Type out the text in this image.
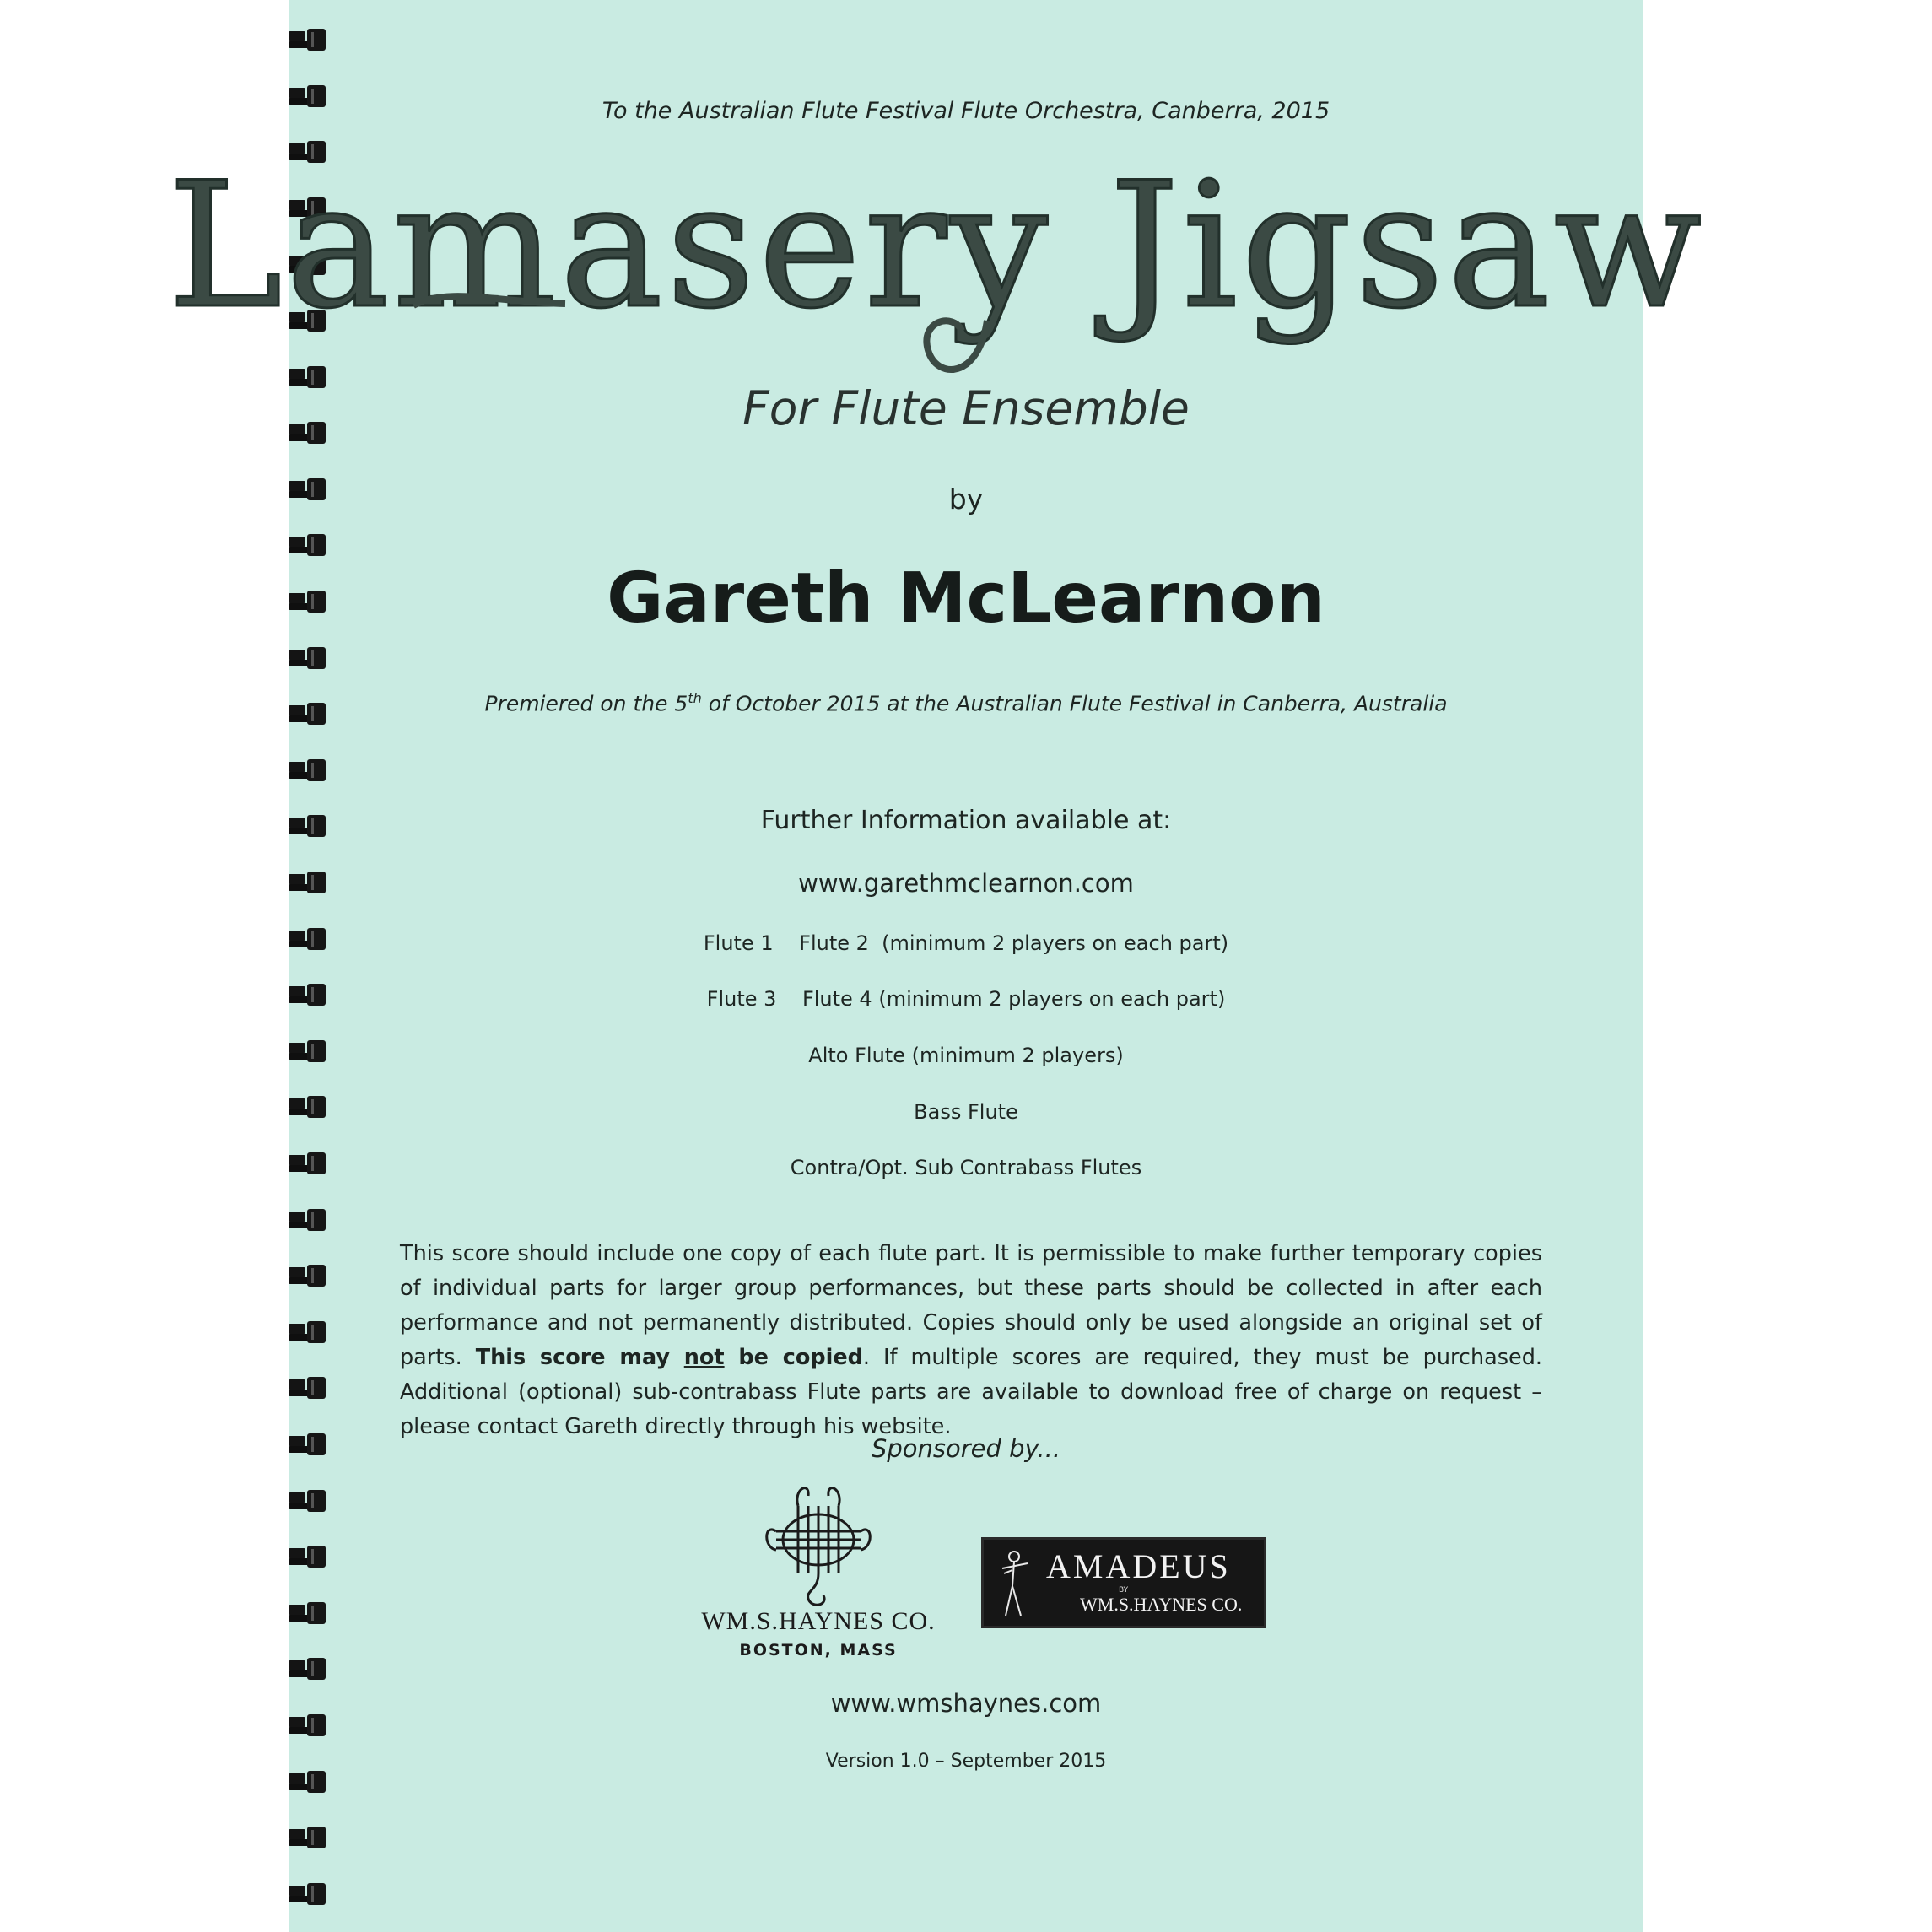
To the Australian Flute Festival Flute Orchestra, Canberra, 2015
Lamasery Jigsaw
For Flute Ensemble
by
Gareth McLearnon
Premiered on the 5th of October 2015 at the Australian Flute Festival in Canberra, Australia
Further Information available at:
www.garethmclearnon.com
Flute 1    Flute 2  (minimum 2 players on each part)
Flute 3    Flute 4 (minimum 2 players on each part)
Alto Flute (minimum 2 players)
Bass Flute
Contra/Opt. Sub Contrabass Flutes
This score should include one copy of each flute part. It is permissible to make further temporary copies of individual parts for larger group performances, but these parts should be collected in after each performance and not permanently distributed. Copies should only be used alongside an original set of parts. This score may not be copied. If multiple scores are required, they must be purchased. Additional (optional) sub-contrabass Flute parts are available to download free of charge on request – please contact Gareth directly through his website.
Sponsored by...
WM.S.HAYNES CO.
BOSTON, MASS
AMADEUS
BY
WM.S.HAYNES CO.
www.wmshaynes.com
Version 1.0 – September 2015
